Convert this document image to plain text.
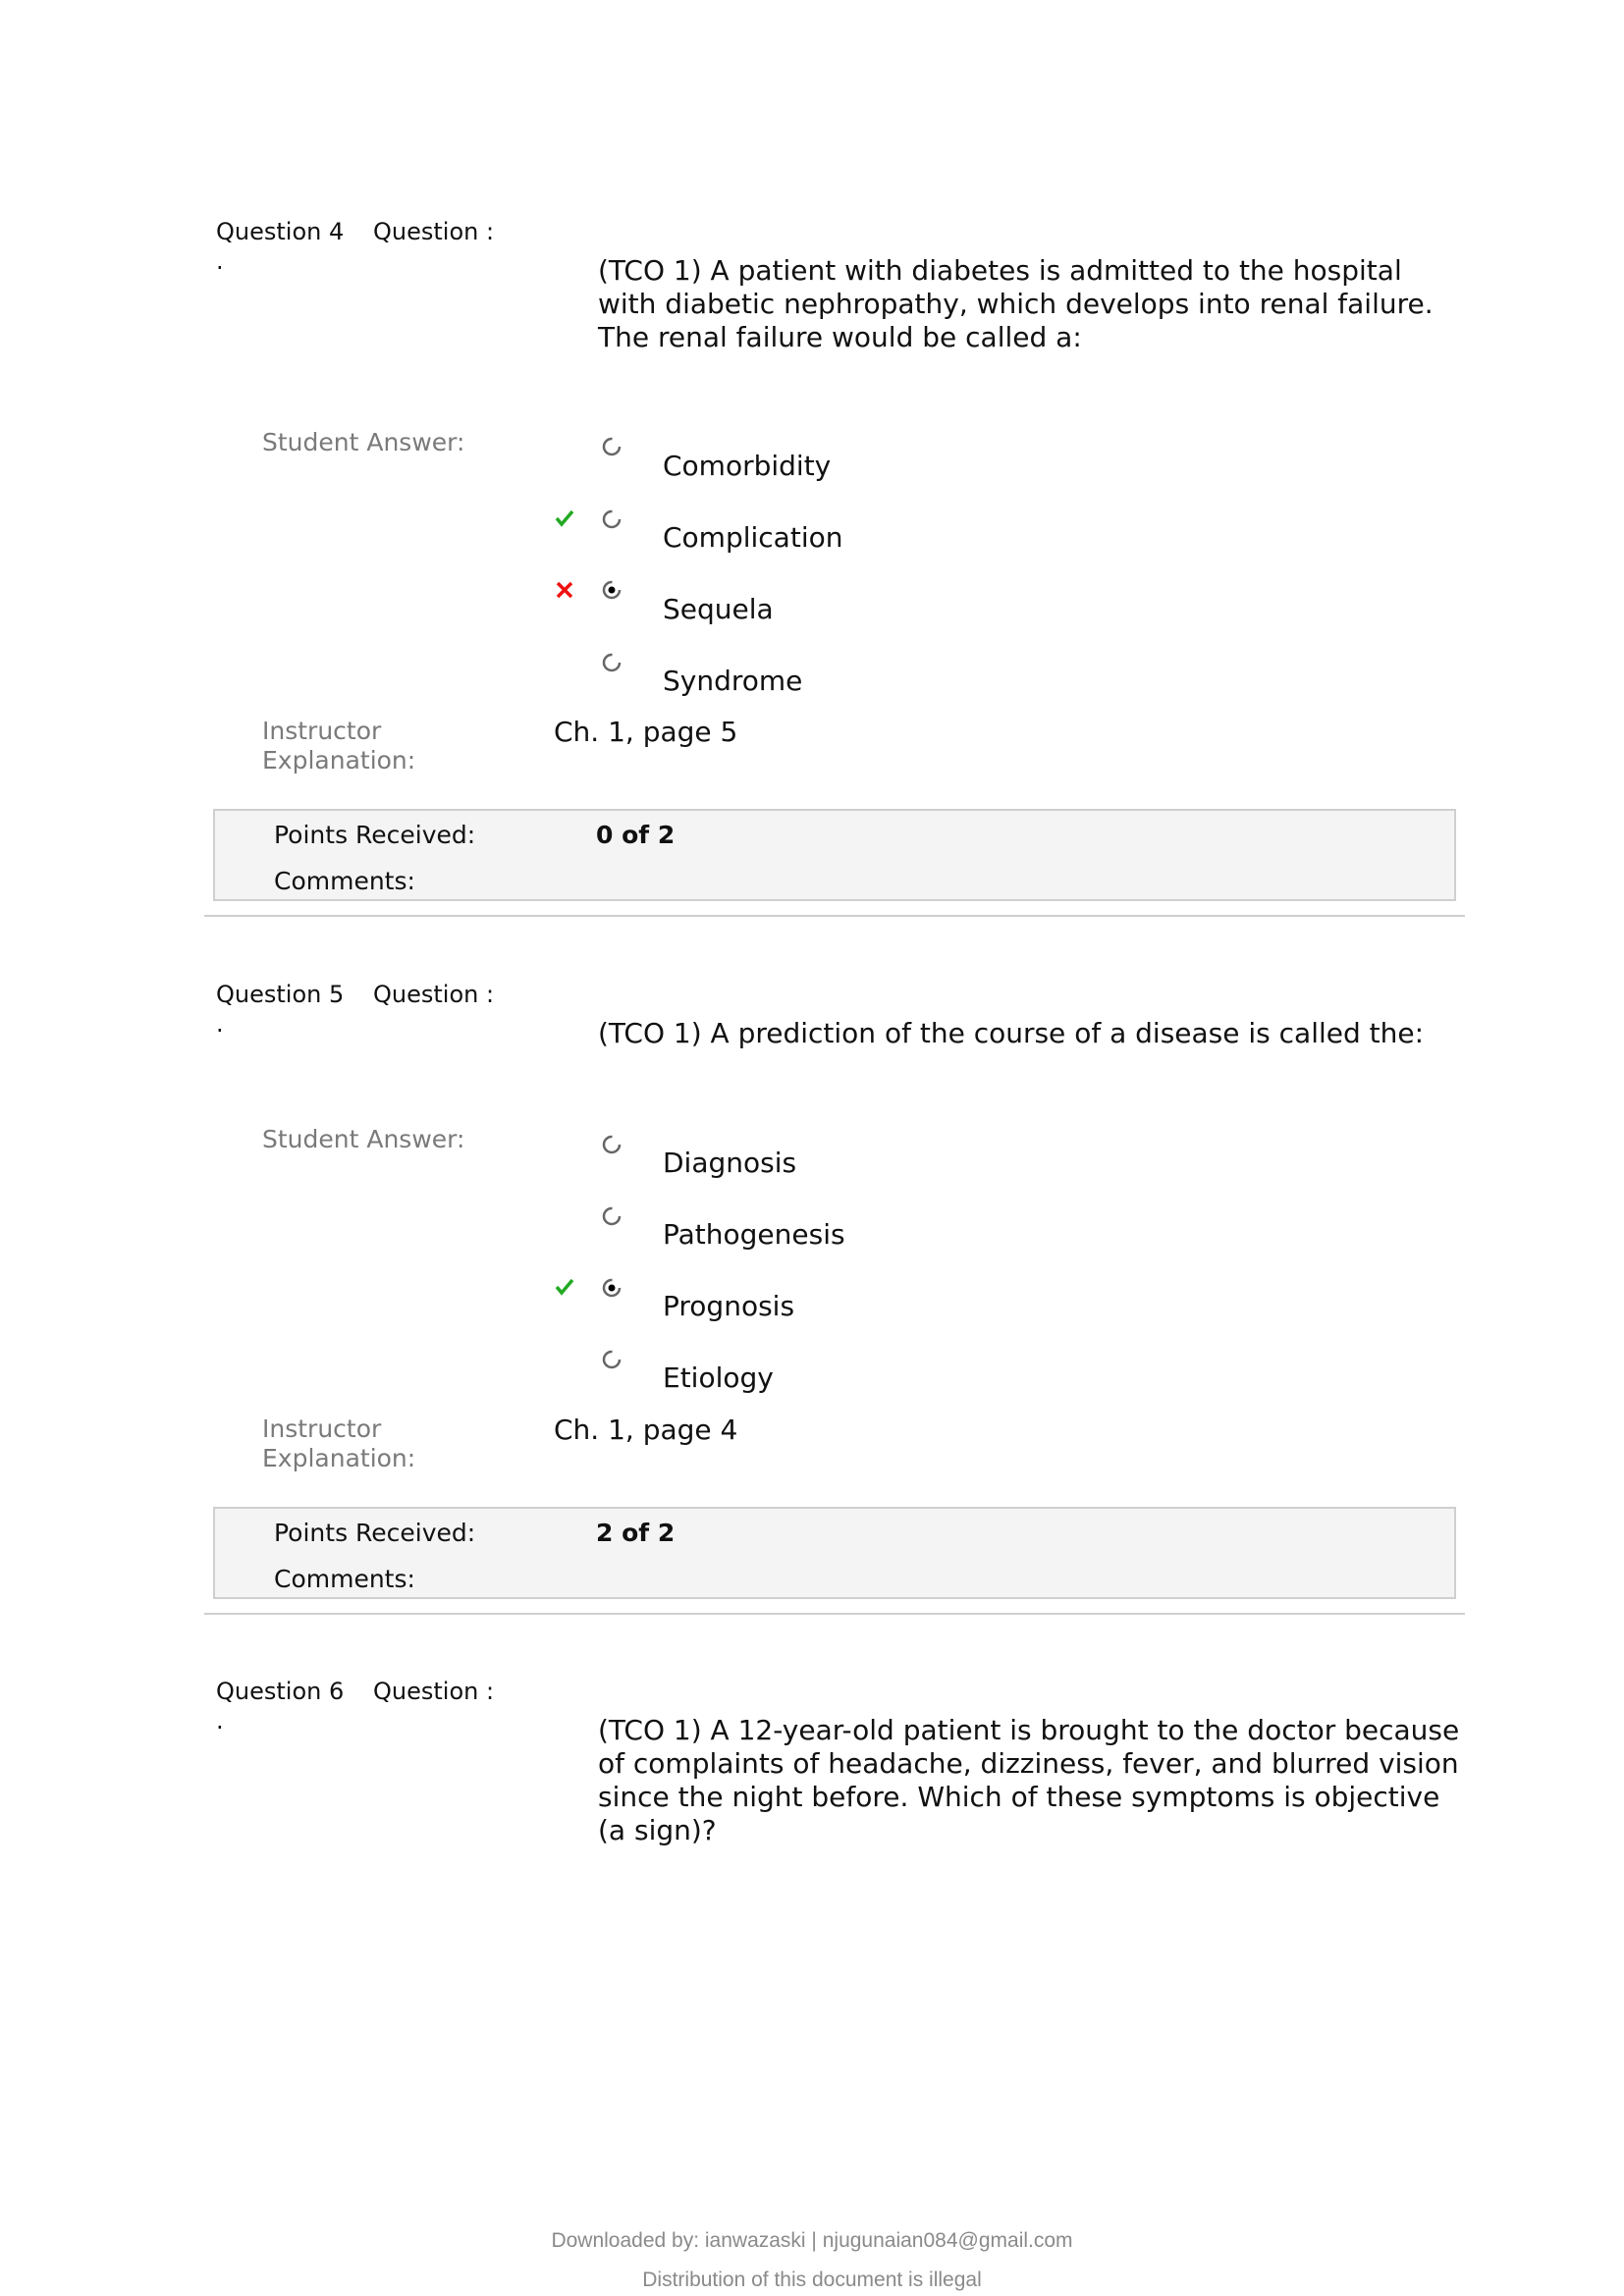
Question 4 Question :
.	(TCO 1) A patient with diabetes is admitted to the hospital with diabetic nephropathy, which develops into renal failure. The renal failure would be called a:
Student Answer:
Comorbidity
Complication
Sequela
Syndrome
Instructor Explanation:
Ch. 1, page 5
Points Received:	0 of 2
Comments:
Question 5 Question :
.	(TCO 1) A prediction of the course of a disease is called the:
Student Answer:
Diagnosis
Pathogenesis
Prognosis
Etiology
Instructor Explanation:
Ch. 1, page 4
Points Received:	2 of 2
Comments:
Question 6 Question :
.	(TCO 1) A 12-year-old patient is brought to the doctor because of complaints of headache, dizziness, fever, and blurred vision since the night before. Which of these symptoms is objective (a sign)?
Downloaded by: ianwazaski | njugunaian084@gmail.com
Distribution of this document is illegal
